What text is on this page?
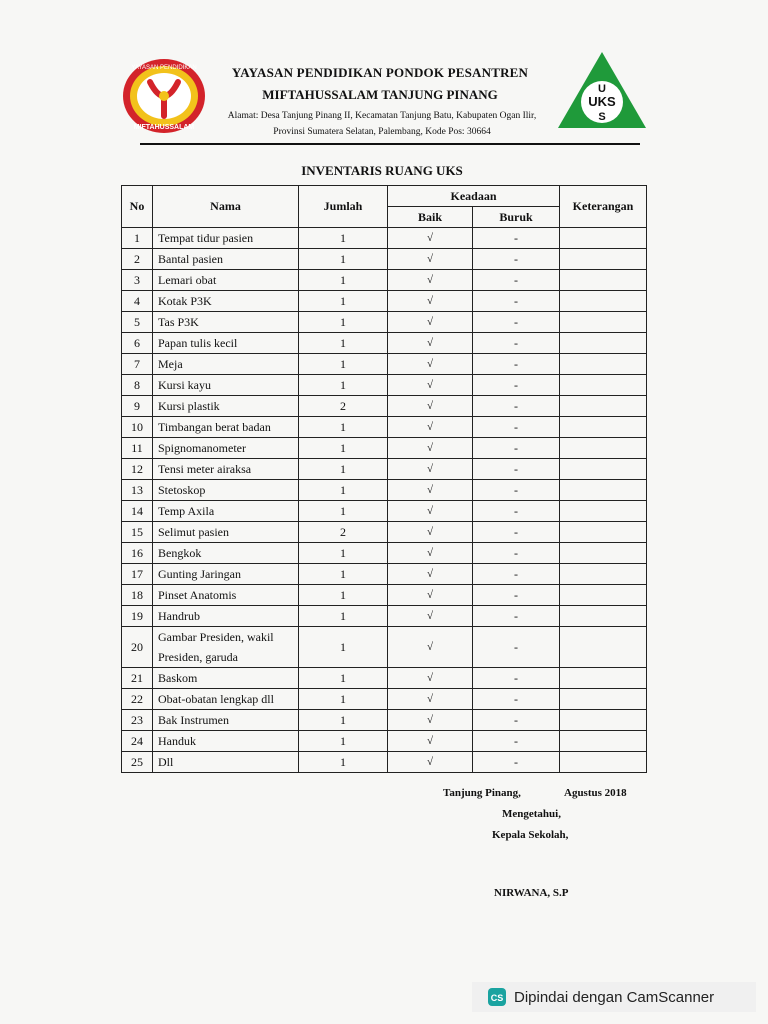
YAYASAN PENDIDIKAN
MIFTAHUSSALAM
YAYASAN PENDIDIKAN PONDOK PESANTREN
MIFTAHUSSALAM TANJUNG PINANG
Alamat: Desa Tanjung Pinang II, Kecamatan Tanjung Batu, Kabupaten Ogan Ilir,
Provinsi Sumatera Selatan, Palembang, Kode Pos: 30664
U
UKS
S
INVENTARIS RUANG UKS
No	Nama	Jumlah	Keadaan		Keterangan
			Baik	Buruk	
1	Tempat tidur pasien	1	√	-	
2	Bantal pasien	1	√	-	
3	Lemari obat	1	√	-	
4	Kotak P3K	1	√	-	
5	Tas P3K	1	√	-	
6	Papan tulis kecil	1	√	-	
7	Meja	1	√	-	
8	Kursi kayu	1	√	-	
9	Kursi plastik	2	√	-	
10	Timbangan berat badan	1	√	-	
11	Spignomanometer	1	√	-	
12	Tensi meter airaksa	1	√	-	
13	Stetoskop	1	√	-	
14	Temp Axila	1	√	-	
15	Selimut pasien	2	√	-	
16	Bengkok	1	√	-	
17	Gunting Jaringan	1	√	-	
18	Pinset Anatomis	1	√	-	
19	Handrub	1	√	-	
20	Gambar Presiden, wakil Presiden, garuda	1	√	-	
21	Baskom	1	√	-	
22	Obat-obatan lengkap dll	1	√	-	
23	Bak Instrumen	1	√	-	
24	Handuk	1	√	-	
25	Dll	1	√	-	
Tanjung Pinang,	Agustus 2018
Mengetahui,
Kepala Sekolah,
NIRWANA, S.P
CS Dipindai dengan CamScanner
